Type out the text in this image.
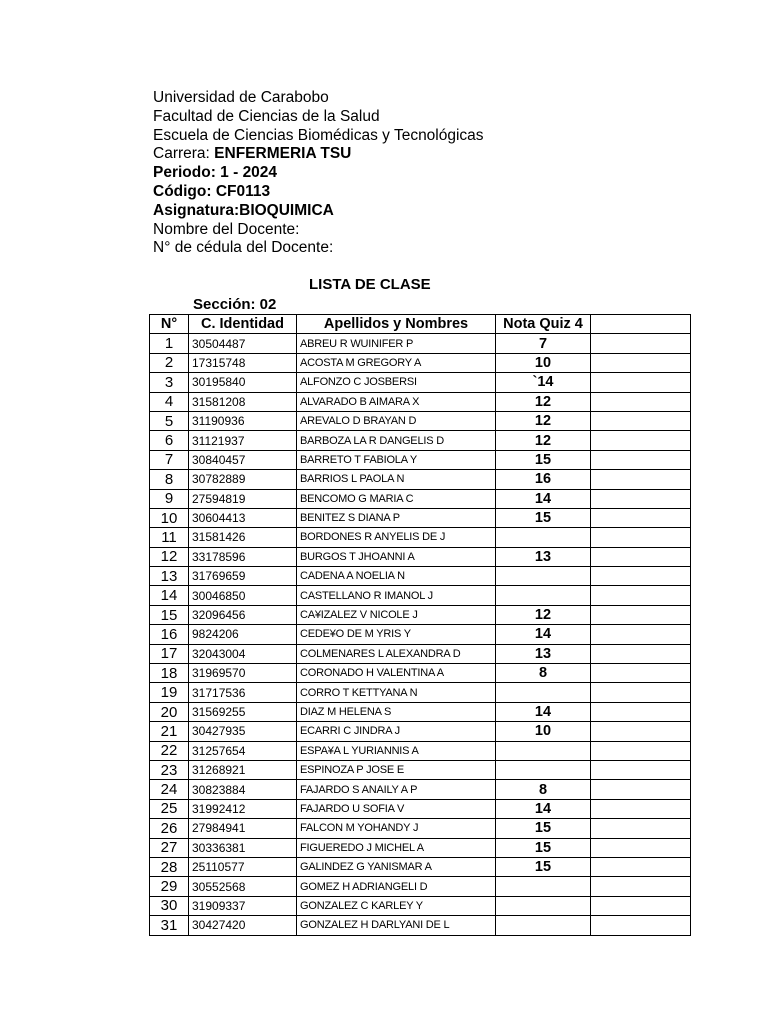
Universidad de Carabobo
Facultad de Ciencias de la Salud
Escuela de Ciencias Biomédicas y Tecnológicas
Carrera: ENFERMERIA TSU
Periodo: 1 - 2024
Código: CF0113
Asignatura:BIOQUIMICA
Nombre del Docente:
N° de cédula del Docente:
LISTA DE CLASE
Sección: 02
N°	C. Identidad	Apellidos y Nombres	Nota Quiz 4	
1	30504487	ABREU R WUINIFER P	7	
2	17315748	ACOSTA M GREGORY A	10	
3	30195840	ALFONZO C JOSBERSI	`14	
4	31581208	ALVARADO B AIMARA X	12	
5	31190936	AREVALO D BRAYAN D	12	
6	31121937	BARBOZA LA R DANGELIS D	12	
7	30840457	BARRETO T FABIOLA Y	15	
8	30782889	BARRIOS L PAOLA N	16	
9	27594819	BENCOMO G MARIA C	14	
10	30604413	BENITEZ S DIANA P	15	
11	31581426	BORDONES R ANYELIS DE J		
12	33178596	BURGOS T JHOANNI A	13	
13	31769659	CADENA A NOELIA N		
14	30046850	CASTELLANO R IMANOL J		
15	32096456	CA¥IZALEZ V NICOLE J	12	
16	9824206	CEDE¥O DE M YRIS Y	14	
17	32043004	COLMENARES L ALEXANDRA D	13	
18	31969570	CORONADO H VALENTINA A	8	
19	31717536	CORRO T KETTYANA N		
20	31569255	DIAZ M HELENA S	14	
21	30427935	ECARRI C JINDRA J	10	
22	31257654	ESPA¥A L YURIANNIS A		
23	31268921	ESPINOZA P JOSE E		
24	30823884	FAJARDO S ANAILY A P	8	
25	31992412	FAJARDO U SOFIA V	14	
26	27984941	FALCON M YOHANDY J	15	
27	30336381	FIGUEREDO J MICHEL A	15	
28	25110577	GALINDEZ G YANISMAR A	15	
29	30552568	GOMEZ H ADRIANGELI D		
30	31909337	GONZALEZ C KARLEY Y		
31	30427420	GONZALEZ H DARLYANI DE L		
